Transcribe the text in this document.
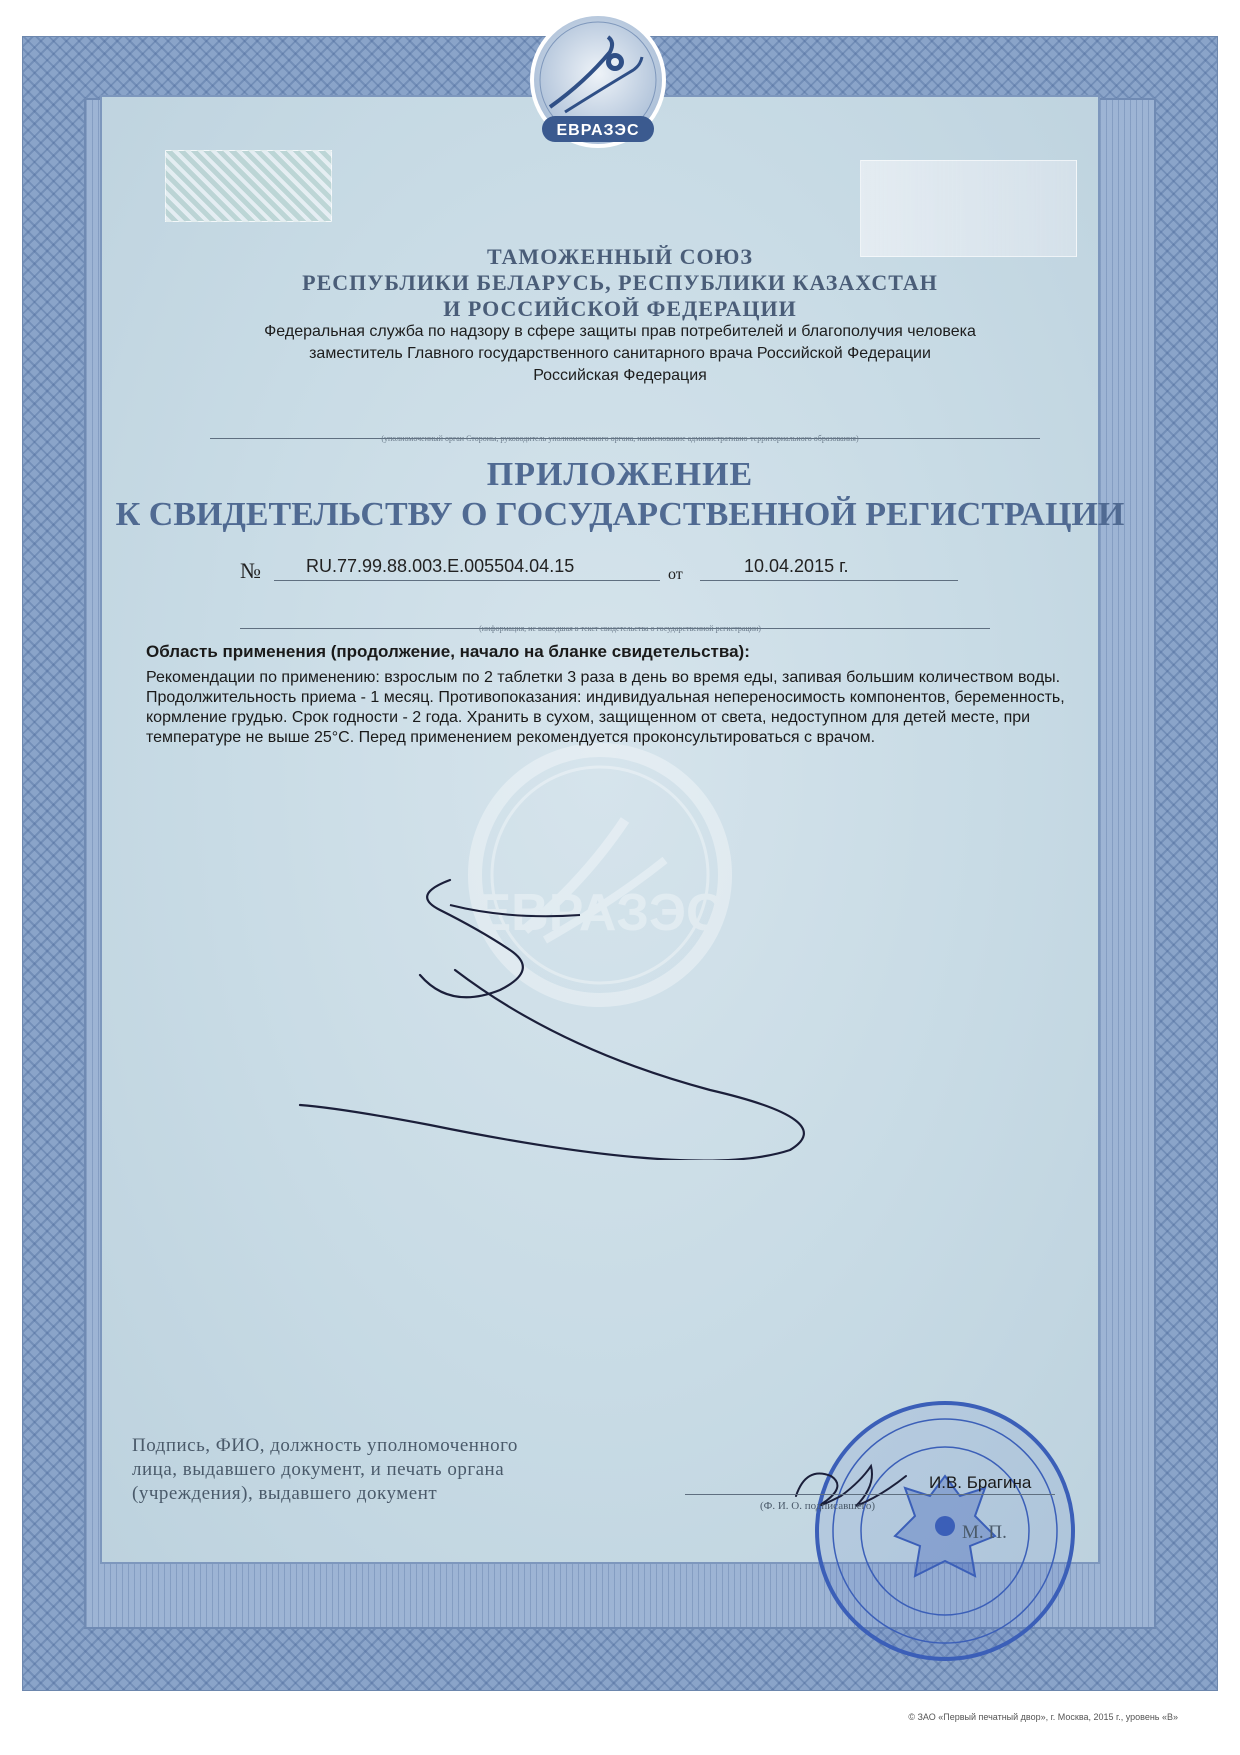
ЕВРАЗЭС
ЕВРАЗЭС
ТАМОЖЕННЫЙ СОЮЗ
РЕСПУБЛИКИ БЕЛАРУСЬ, РЕСПУБЛИКИ КАЗАХСТАН
И РОССИЙСКОЙ ФЕДЕРАЦИИ
Федеральная служба по надзору в сфере защиты прав потребителей и благополучия человека
заместитель Главного государственного санитарного врача Российской Федерации
Российская Федерация
(уполномоченный орган Стороны, руководитель уполномоченного органа, наименование административно-территориального образования)
ПРИЛОЖЕНИЕ
К СВИДЕТЕЛЬСТВУ О ГОСУДАРСТВЕННОЙ РЕГИСТРАЦИИ
№	RU.77.99.88.003.E.005504.04.15	от	10.04.2015 г.
(информация, не вошедшая в текст свидетельства о государственной регистрации)
Область применения (продолжение, начало на бланке свидетельства):
Рекомендации по применению: взрослым по 2 таблетки 3 раза в день во время еды, запивая большим количеством воды. Продолжительность приема - 1 месяц. Противопоказания: индивидуальная непереносимость компонентов, беременность, кормление грудью. Срок годности - 2 года. Хранить в сухом, защищенном от света, недоступном для детей месте, при температуре не выше 25°С. Перед применением рекомендуется проконсультироваться с врачом.
Подпись, ФИО, должность уполномоченного
лица, выдавшего документ, и печать органа
(учреждения), выдавшего документ
И.В. Брагина
(Ф. И. О. подписавшего)
М. П.
© ЗАО «Первый печатный двор», г. Москва, 2015 г., уровень «В»
